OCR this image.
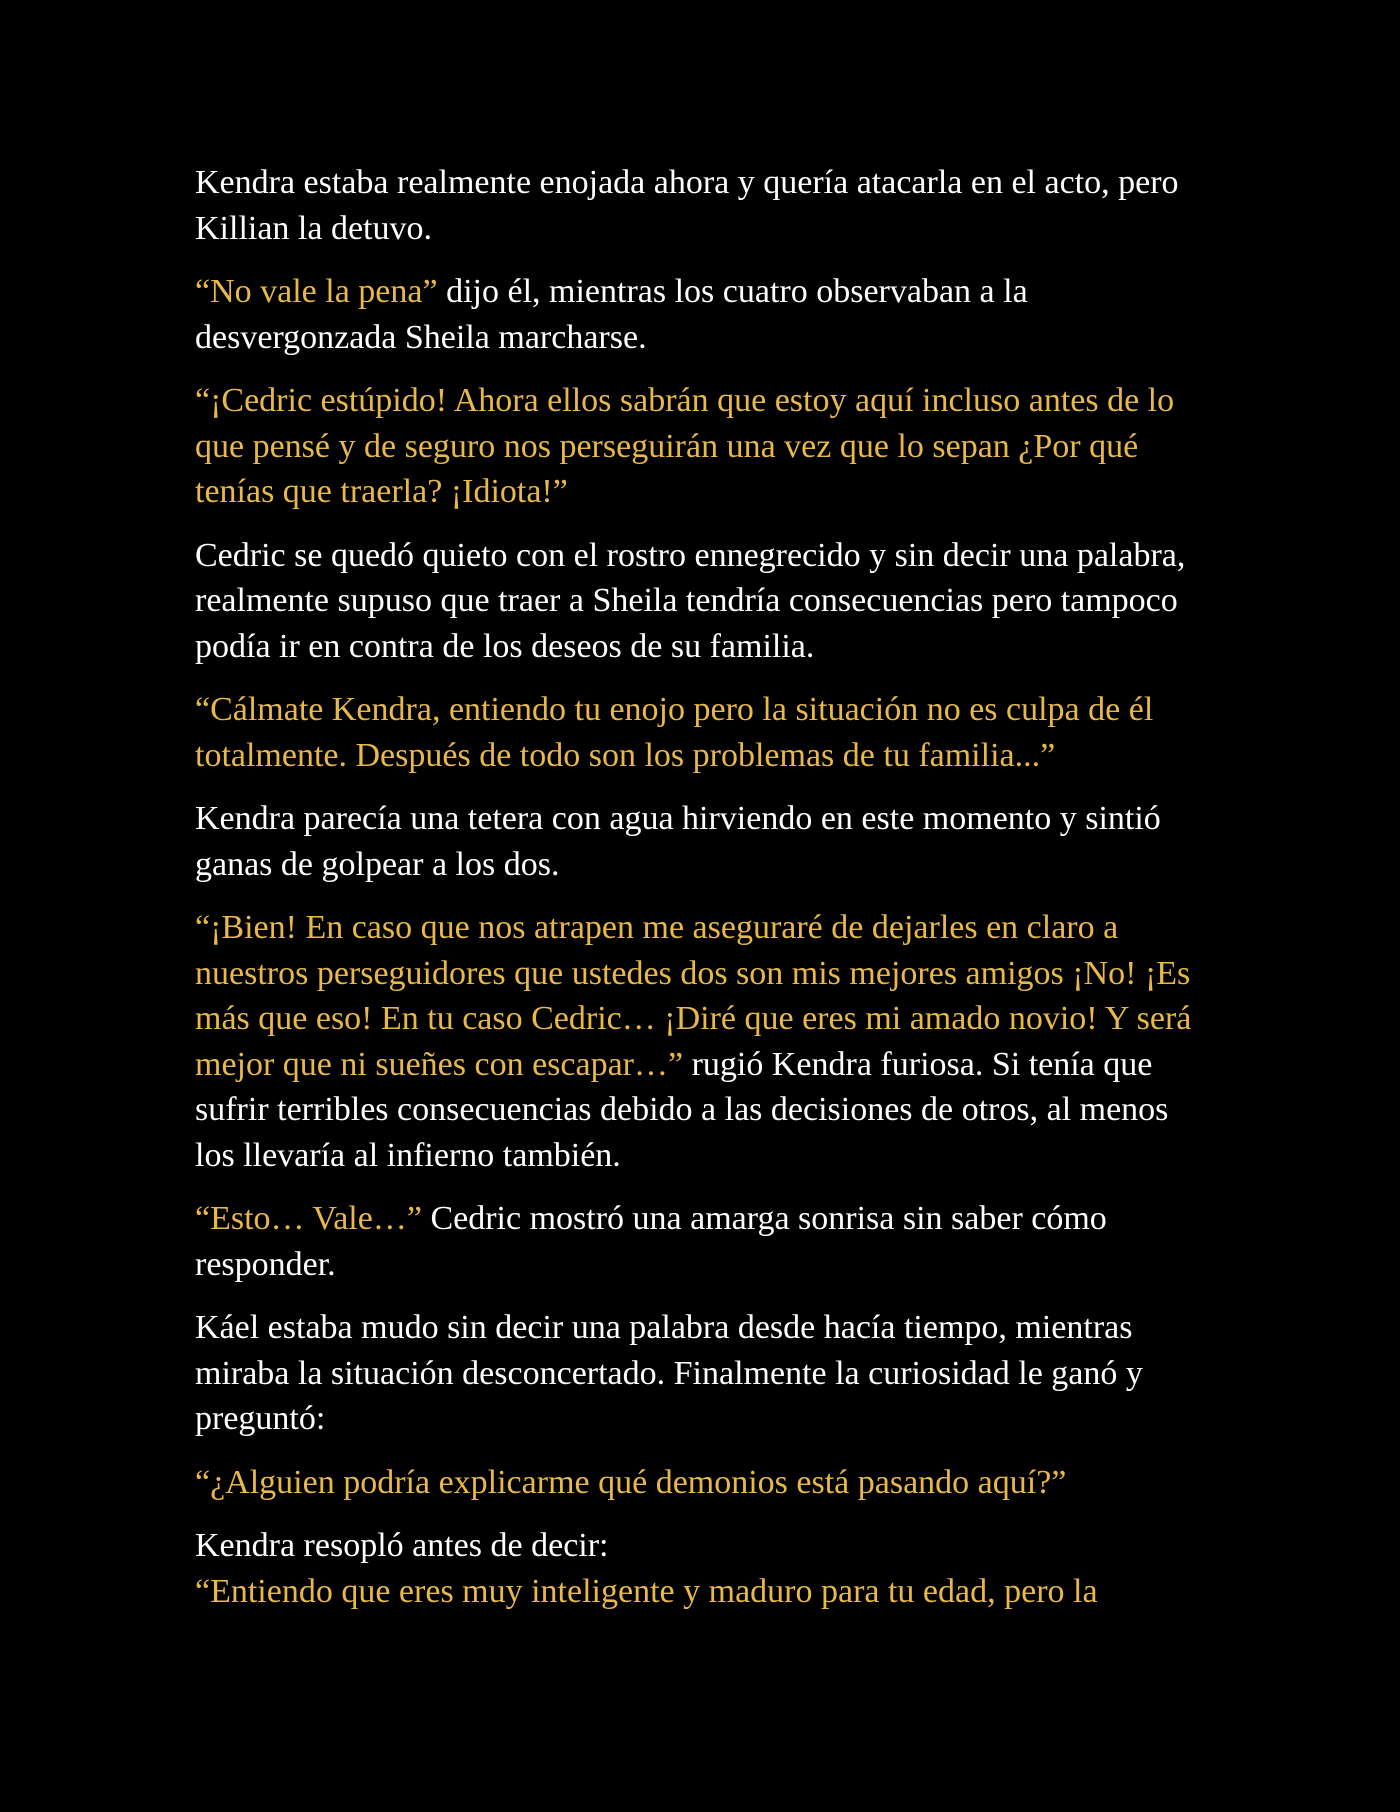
Kendra estaba realmente enojada ahora y quería atacarla en el acto, pero Killian la detuvo.

“No vale la pena” dijo él, mientras los cuatro observaban a la desvergonzada Sheila marcharse.

“¡Cedric estúpido! Ahora ellos sabrán que estoy aquí incluso antes de lo que pensé y de seguro nos perseguirán una vez que lo sepan ¿Por qué tenías que traerla? ¡Idiota!”

Cedric se quedó quieto con el rostro ennegrecido y sin decir una palabra, realmente supuso que traer a Sheila tendría consecuencias pero tampoco podía ir en contra de los deseos de su familia.

“Cálmate Kendra, entiendo tu enojo pero la situación no es culpa de él totalmente. Después de todo son los problemas de tu familia...”

Kendra parecía una tetera con agua hirviendo en este momento y sintió ganas de golpear a los dos.

“¡Bien! En caso que nos atrapen me aseguraré de dejarles en claro a nuestros perseguidores que ustedes dos son mis mejores amigos ¡No! ¡Es más que eso! En tu caso Cedric… ¡Diré que eres mi amado novio! Y será mejor que ni sueñes con escapar…” rugió Kendra furiosa. Si tenía que sufrir terribles consecuencias debido a las decisiones de otros, al menos los llevaría al infierno también.

“Esto… Vale…” Cedric mostró una amarga sonrisa sin saber cómo responder.

Káel estaba mudo sin decir una palabra desde hacía tiempo, mientras miraba la situación desconcertado. Finalmente la curiosidad le ganó y preguntó:

“¿Alguien podría explicarme qué demonios está pasando aquí?”

Kendra resopló antes de decir:

“Entiendo que eres muy inteligente y maduro para tu edad, pero la
